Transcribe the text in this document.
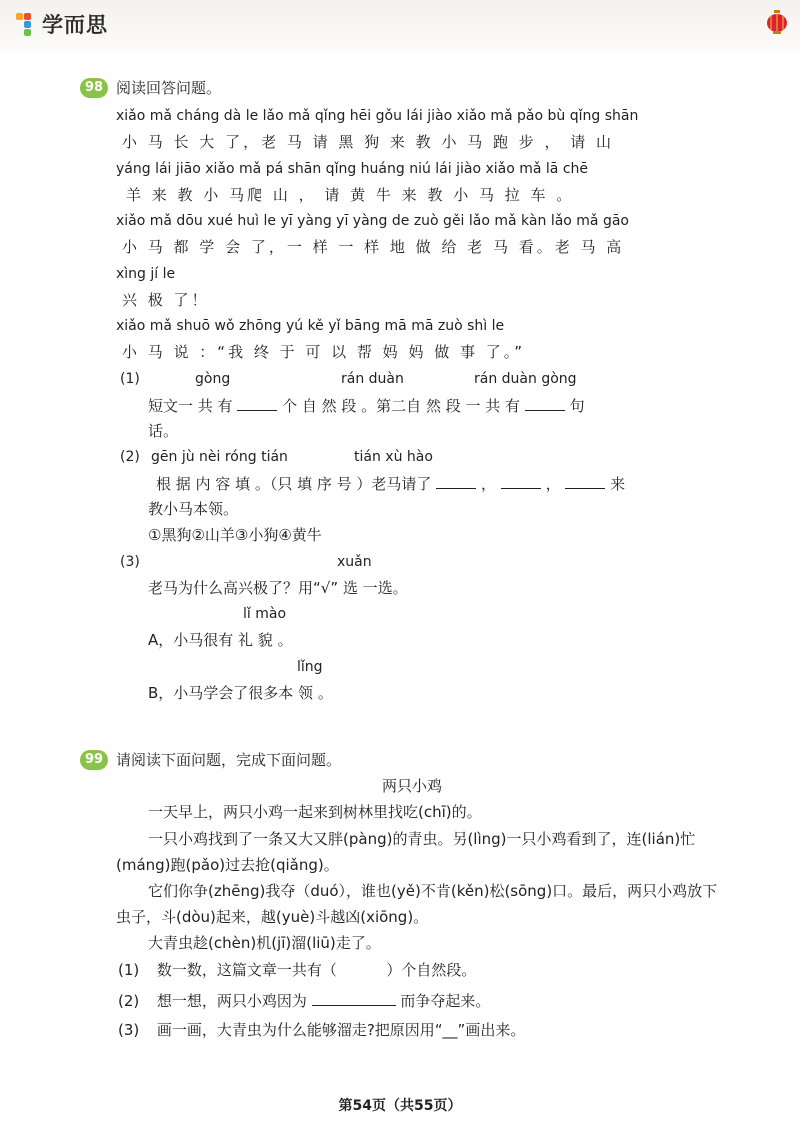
学而思
98 阅读回答问题。
xiǎo mǎ cháng dà le lǎo mǎ qǐng hēi gǒu lái jiào xiǎo mǎ pǎo bù qǐng shān
小 马 长 大 了，老 马 请 黑 狗 来 教 小 马 跑 步 ， 请 山
yáng lái jiāo xiǎo mǎ pá shān qǐng huáng niú lái jiào xiǎo mǎ lā chē
羊 来 教 小 马爬 山 ， 请 黄 牛 来 教 小 马 拉 车 。
xiǎo mǎ dōu xué huì le yī yàng yī yàng de zuò gěi lǎo mǎ kàn lǎo mǎ gāo
小 马 都 学 会 了，一 样 一 样 地 做 给 老 马 看。老 马 高
xìng jí le
兴 极 了！
xiǎo mǎ shuō wǒ zhōng yú kě yǐ bāng mā mā zuò shì le
小 马 说 ：“我 终 于 可 以 帮 妈 妈 做 事 了。”
(1)	gòng	rán duàn	rán duàn gòng
短文一 共 有	个 自 然 段 。第二自 然 段 一 共 有	句
话。
(2) gēn jù nèi róng tián	tián xù hào
根 据 内 容 填 。（只 填 序 号 ）老马请了	，	，	来
教小马本领。
①黑狗②山羊③小狗④黄牛
(3)	xuǎn
老马为什么高兴极了？用“√” 选 一选。
lǐ mào
A，小马很有 礼 貌 。
lǐng
B，小马学会了很多本 领 。
99 请阅读下面问题，完成下面问题。
两只小鸡
一天早上，两只小鸡一起来到树林里找吃(chī)的。
一只小鸡找到了一条又大又胖(pàng)的青虫。另(lìng)一只小鸡看到了，连(lián)忙
(máng)跑(pǎo)过去抢(qiǎng)。
它们你争(zhēng)我夺（duó），谁也(yě)不肯(kěn)松(sōng)口。最后，两只小鸡放下
虫子，斗(dòu)起来，越(yuè)斗越凶(xiōng)。
大青虫趁(chèn)机(jī)溜(liū)走了。
(1) 数一数，这篇文章一共有（	）个自然段。
(2) 想一想，两只小鸡因为	而争夺起来。
(3) 画一画，大青虫为什么能够溜走?把原因用“__”画出来。
第54页（共55页）
